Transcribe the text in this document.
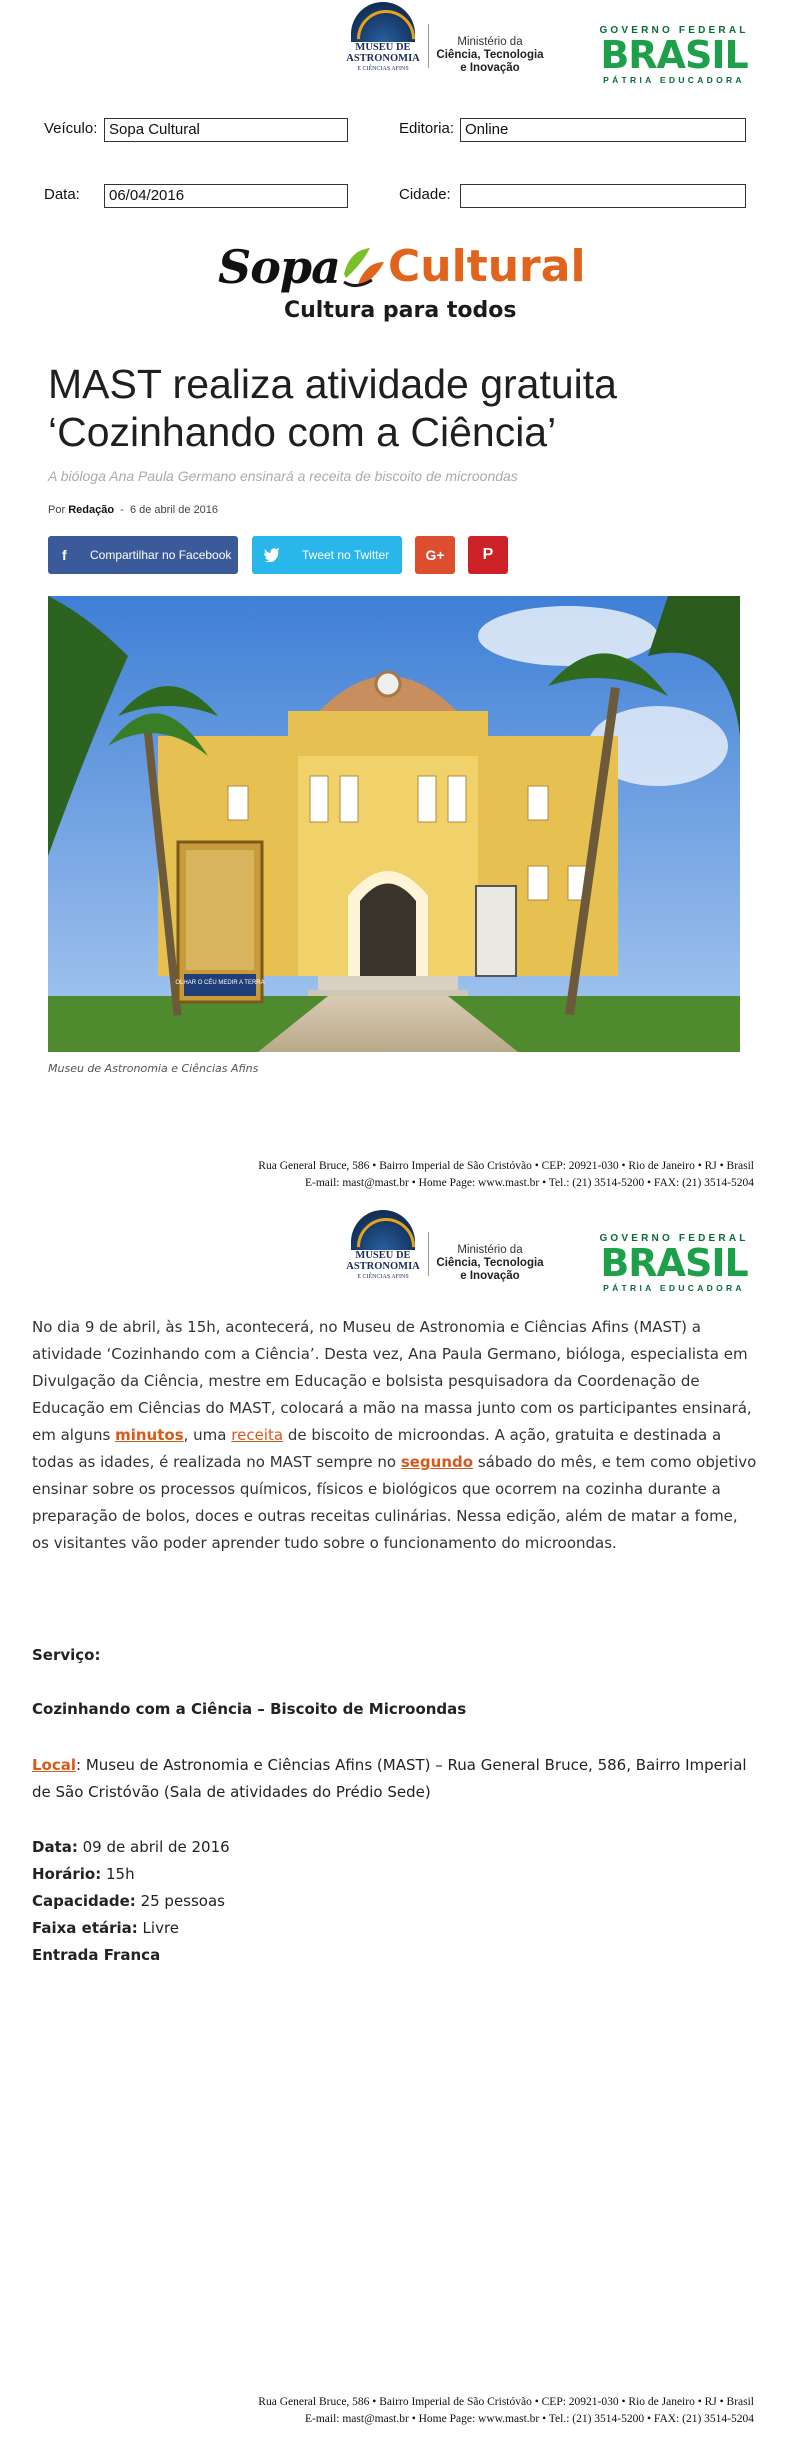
MUSEU DE
ASTRONOMIA
E CIÊNCIAS AFINS
Ministério da
Ciência, Tecnologia
e Inovação
GOVERNO FEDERAL
BRASIL
PÁTRIA EDUCADORA
Veículo: Sopa Cultural	Editoria: Online
Data:	06/04/2016	Cidade:
Sopa Cultural
Cultura para todos
MAST realiza atividade gratuita
‘Cozinhando com a Ciência’
A bióloga Ana Paula Germano ensinará a receita de biscoito de microondas
Por Redação - 6 de abril de 2016
f Compartilhar no Facebook	Tweet no Twitter	G+	P
OLHAR O CÉU MEDIR A TERRA
Museu de Astronomia e Ciências Afins
Rua General Bruce, 586 • Bairro Imperial de São Cristóvão • CEP: 20921-030 • Rio de Janeiro • RJ • Brasil
E-mail: mast@mast.br • Home Page: www.mast.br • Tel.: (21) 3514-5200 • FAX: (21) 3514-5204
MUSEU DE
ASTRONOMIA
E CIÊNCIAS AFINS
Ministério da
Ciência, Tecnologia
e Inovação
GOVERNO FEDERAL
BRASIL
PÁTRIA EDUCADORA
No dia 9 de abril, às 15h, acontecerá, no Museu de Astronomia e Ciências Afins (MAST) a atividade ‘Cozinhando com a Ciência’. Desta vez, Ana Paula Germano, bióloga, especialista em Divulgação da Ciência, mestre em Educação e bolsista pesquisadora da Coordenação de Educação em Ciências do MAST, colocará a mão na massa junto com os participantes ensinará, em alguns minutos, uma receita de biscoito de microondas. A ação, gratuita e destinada a todas as idades, é realizada no MAST sempre no segundo sábado do mês, e tem como objetivo ensinar sobre os processos químicos, físicos e biológicos que ocorrem na cozinha durante a preparação de bolos, doces e outras receitas culinárias. Nessa edição, além de matar a fome, os visitantes vão poder aprender tudo sobre o funcionamento do microondas.
Serviço:
Cozinhando com a Ciência – Biscoito de Microondas
Local: Museu de Astronomia e Ciências Afins (MAST) – Rua General Bruce, 586, Bairro Imperial de São Cristóvão (Sala de atividades do Prédio Sede)
Data: 09 de abril de 2016
Horário: 15h
Capacidade: 25 pessoas
Faixa etária: Livre
Entrada Franca
Rua General Bruce, 586 • Bairro Imperial de São Cristóvão • CEP: 20921-030 • Rio de Janeiro • RJ • Brasil
E-mail: mast@mast.br • Home Page: www.mast.br • Tel.: (21) 3514-5200 • FAX: (21) 3514-5204
